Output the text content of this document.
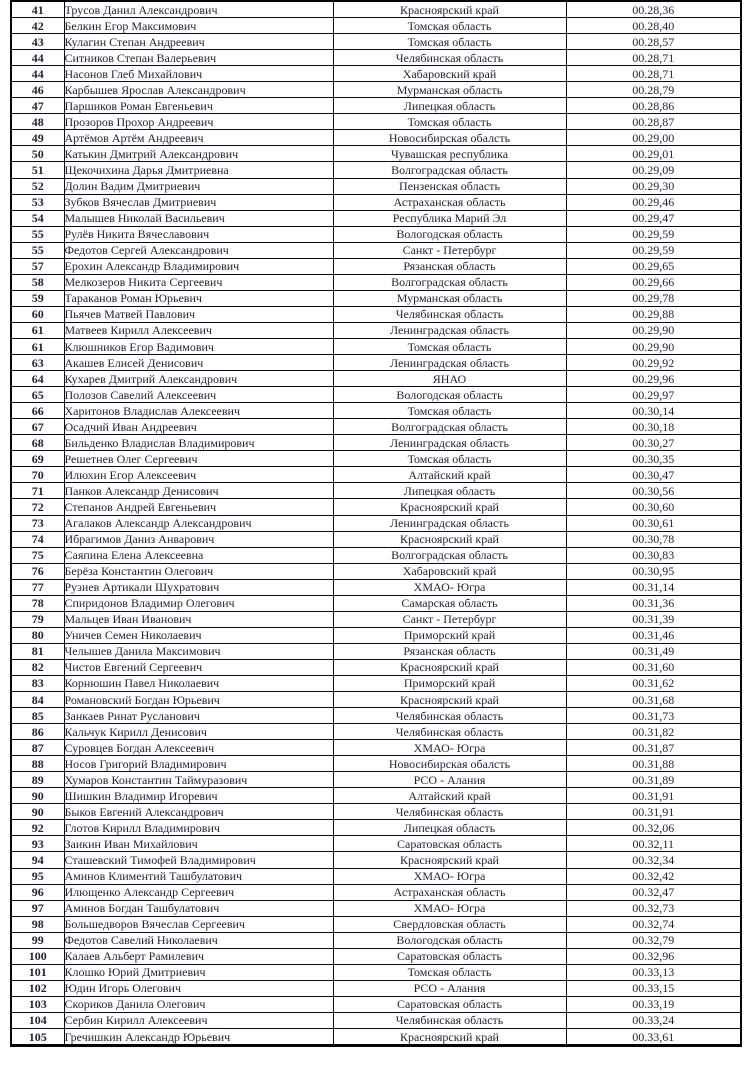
41	Трусов Данил Александрович	Красноярский край	00.28,36
42	Белкин Егор Максимович	Томская область	00.28,40
43	Кулагин Степан Андреевич	Томская область	00.28,57
44	Ситников Степан Валерьевич	Челябинская область	00.28,71
44	Насонов Глеб Михайлович	Хабаровский край	00.28,71
46	Карбышев Ярослав Александрович	Мурманская область	00.28,79
47	Паршиков Роман Евгеньевич	Липецкая область	00.28,86
48	Прозоров Прохор Андреевич	Томская область	00.28,87
49	Артёмов Артём Андреевич	Новосибирская обалсть	00.29,00
50	Катькин Дмитрий Александрович	Чувашская республика	00.29,01
51	Щекочихина Дарья Дмитриевна	Волгоградская область	00.29,09
52	Долин Вадим Дмитриевич	Пензенская область	00.29,30
53	Зубков Вячеслав Дмитриевич	Астраханская область	00.29,46
54	Малышев Николай Васильевич	Республика Марий Эл	00.29,47
55	Рулёв Никита Вячеславович	Вологодская область	00.29,59
55	Федотов Сергей Александрович	Санкт - Петербург	00.29,59
57	Ерохин Александр Владимирович	Рязанская область	00.29,65
58	Мелкозеров Никита Сергеевич	Волгоградская область	00.29,66
59	Тараканов Роман Юрьевич	Мурманская область	00.29,78
60	Пьячев Матвей Павлович	Челябинская область	00.29,88
61	Матвеев Кирилл Алексеевич	Ленинградская область	00.29,90
61	Клюшников Егор Вадимович	Томская область	00.29,90
63	Акашев Елисей Денисович	Ленинградская область	00.29,92
64	Кухарев Дмитрий Александрович	ЯНАО	00.29,96
65	Полозов Савелий Алексеевич	Вологодская область	00.29,97
66	Харитонов Владислав Алексеевич	Томская область	00.30,14
67	Осадчий Иван Андреевич	Волгоградская область	00.30,18
68	Бильденко Владислав Владимирович	Ленинградская область	00.30,27
69	Решетнев Олег Сергеевич	Томская область	00.30,35
70	Илюхин Егор Алексеевич	Алтайский край	00.30,47
71	Панков Александр Денисович	Липецкая область	00.30,56
72	Степанов Андрей Евгеньевич	Красноярский край	00.30,60
73	Агалаков Александр Александрович	Ленинградская область	00.30,61
74	Ибрагимов Даниз Анварович	Красноярский край	00.30,78
75	Саяпина Елена Алексеевна	Волгоградская область	00.30,83
76	Берёза Константин Олегович	Хабаровский край	00.30,95
77	Рузиев Артикали Шухратович	ХМАО- Югра	00.31,14
78	Спиридонов Владимир Олегович	Самарская область	00.31,36
79	Мальцев Иван Иванович	Санкт - Петербург	00.31,39
80	Уничев Семен Николаевич	Приморский край	00.31,46
81	Челышев Данила Максимович	Рязанская область	00.31,49
82	Чистов Евгений Сергеевич	Красноярский край	00.31,60
83	Корнюшин Павел Николаевич	Приморский край	00.31,62
84	Романовский Богдан Юрьевич	Красноярский край	00.31,68
85	Занкаев Ринат Русланович	Челябинская область	00.31,73
86	Кальчук Кирилл Денисович	Челябинская область	00.31,82
87	Суровцев Богдан Алексеевич	ХМАО- Югра	00.31,87
88	Носов Григорий Владимирович	Новосибирская обалсть	00.31,88
89	Хумаров Константин Таймуразович	РСО - Алания	00.31,89
90	Шишкин Владимир Игоревич	Алтайский край	00.31,91
90	Быков Евгений Александрович	Челябинская область	00.31,91
92	Глотов Кирилл Владимирович	Липецкая область	00.32,06
93	Заикин Иван Михайлович	Саратовская область	00.32,11
94	Сташевский Тимофей Владимирович	Красноярский край	00.32,34
95	Аминов Климентий Ташбулатович	ХМАО- Югра	00.32,42
96	Илющенко Александр Сергеевич	Астраханская область	00.32,47
97	Аминов Богдан Ташбулатович	ХМАО- Югра	00.32,73
98	Большедворов Вячеслав Сергеевич	Свердловская область	00.32,74
99	Федотов Савелий Николаевич	Вологодская область	00.32,79
100	Калаев Альберт Рамилевич	Саратовская область	00.32,96
101	Клошко Юрий Дмитриевич	Томская область	00.33,13
102	Юдин Игорь Олегович	РСО - Алания	00.33,15
103	Скориков Данила Олегович	Саратовская область	00.33,19
104	Сербин Кирилл Алексеевич	Челябинская область	00.33,24
105	Гречишкин Александр Юрьевич	Красноярский край	00.33,61
